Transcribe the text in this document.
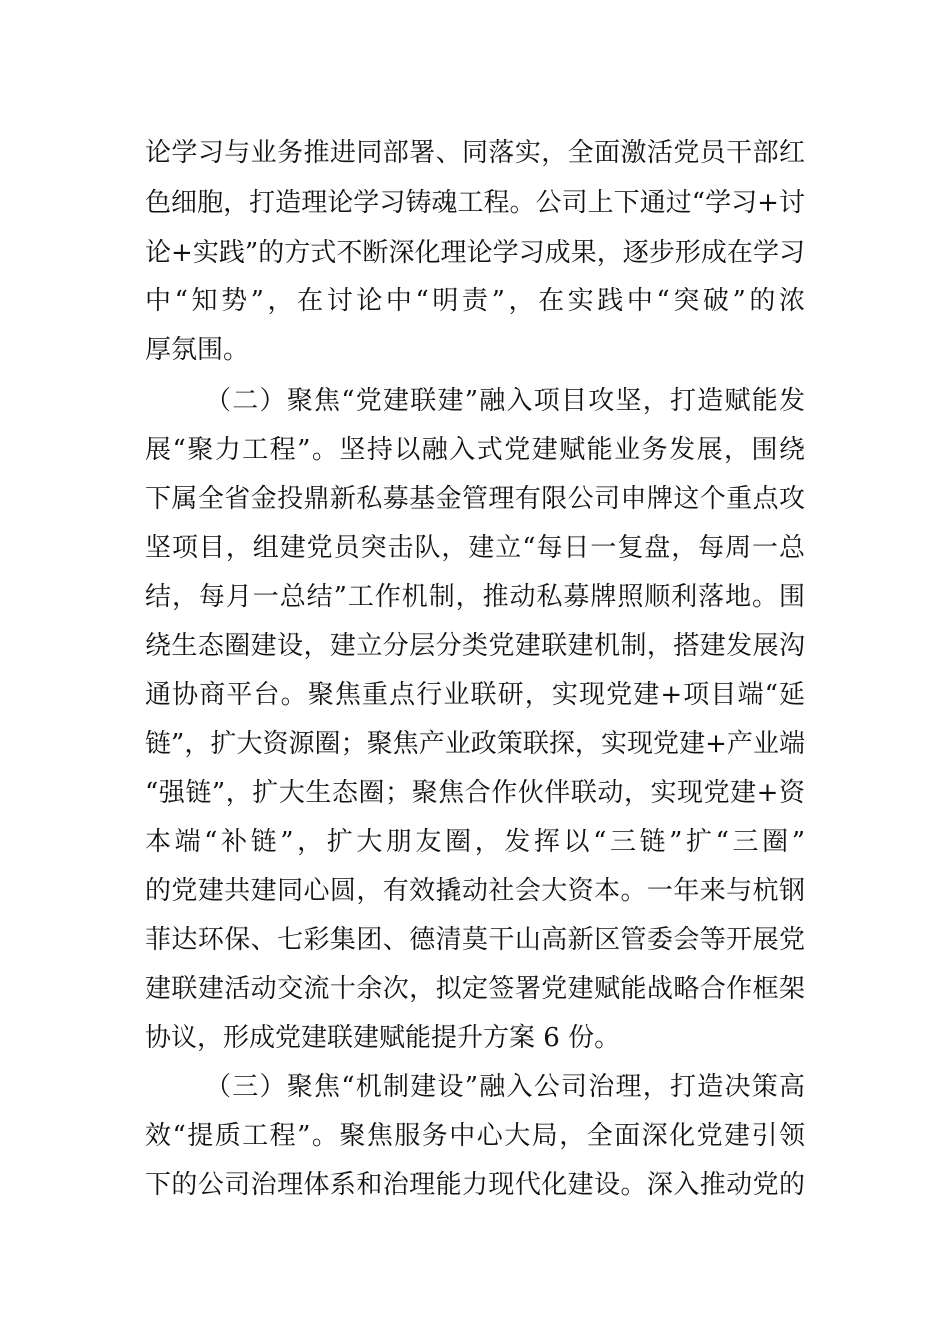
论学习与业务推进同部署、同落实，全面激活党员干部红
色细胞，打造理论学习铸魂工程。公司上下通过“学习+讨
论+实践”的方式不断深化理论学习成果，逐步形成在学习
中“知势”，在讨论中“明责”，在实践中“突破”的浓
厚氛围。
（二）聚焦“党建联建”融入项目攻坚，打造赋能发
展“聚力工程”。坚持以融入式党建赋能业务发展，围绕
下属全省金投鼎新私募基金管理有限公司申牌这个重点攻
坚项目，组建党员突击队，建立“每日一复盘，每周一总
结，每月一总结”工作机制，推动私募牌照顺利落地。围
绕生态圈建设，建立分层分类党建联建机制，搭建发展沟
通协商平台。聚焦重点行业联研，实现党建+项目端“延
链”，扩大资源圈；聚焦产业政策联探，实现党建+产业端
“强链”，扩大生态圈；聚焦合作伙伴联动，实现党建+资
本端“补链”，扩大朋友圈，发挥以“三链”扩“三圈”
的党建共建同心圆，有效撬动社会大资本。一年来与杭钢
菲达环保、七彩集团、德清莫干山高新区管委会等开展党
建联建活动交流十余次，拟定签署党建赋能战略合作框架
协议，形成党建联建赋能提升方案 6 份。
（三）聚焦“机制建设”融入公司治理，打造决策高
效“提质工程”。聚焦服务中心大局，全面深化党建引领
下的公司治理体系和治理能力现代化建设。深入推动党的
